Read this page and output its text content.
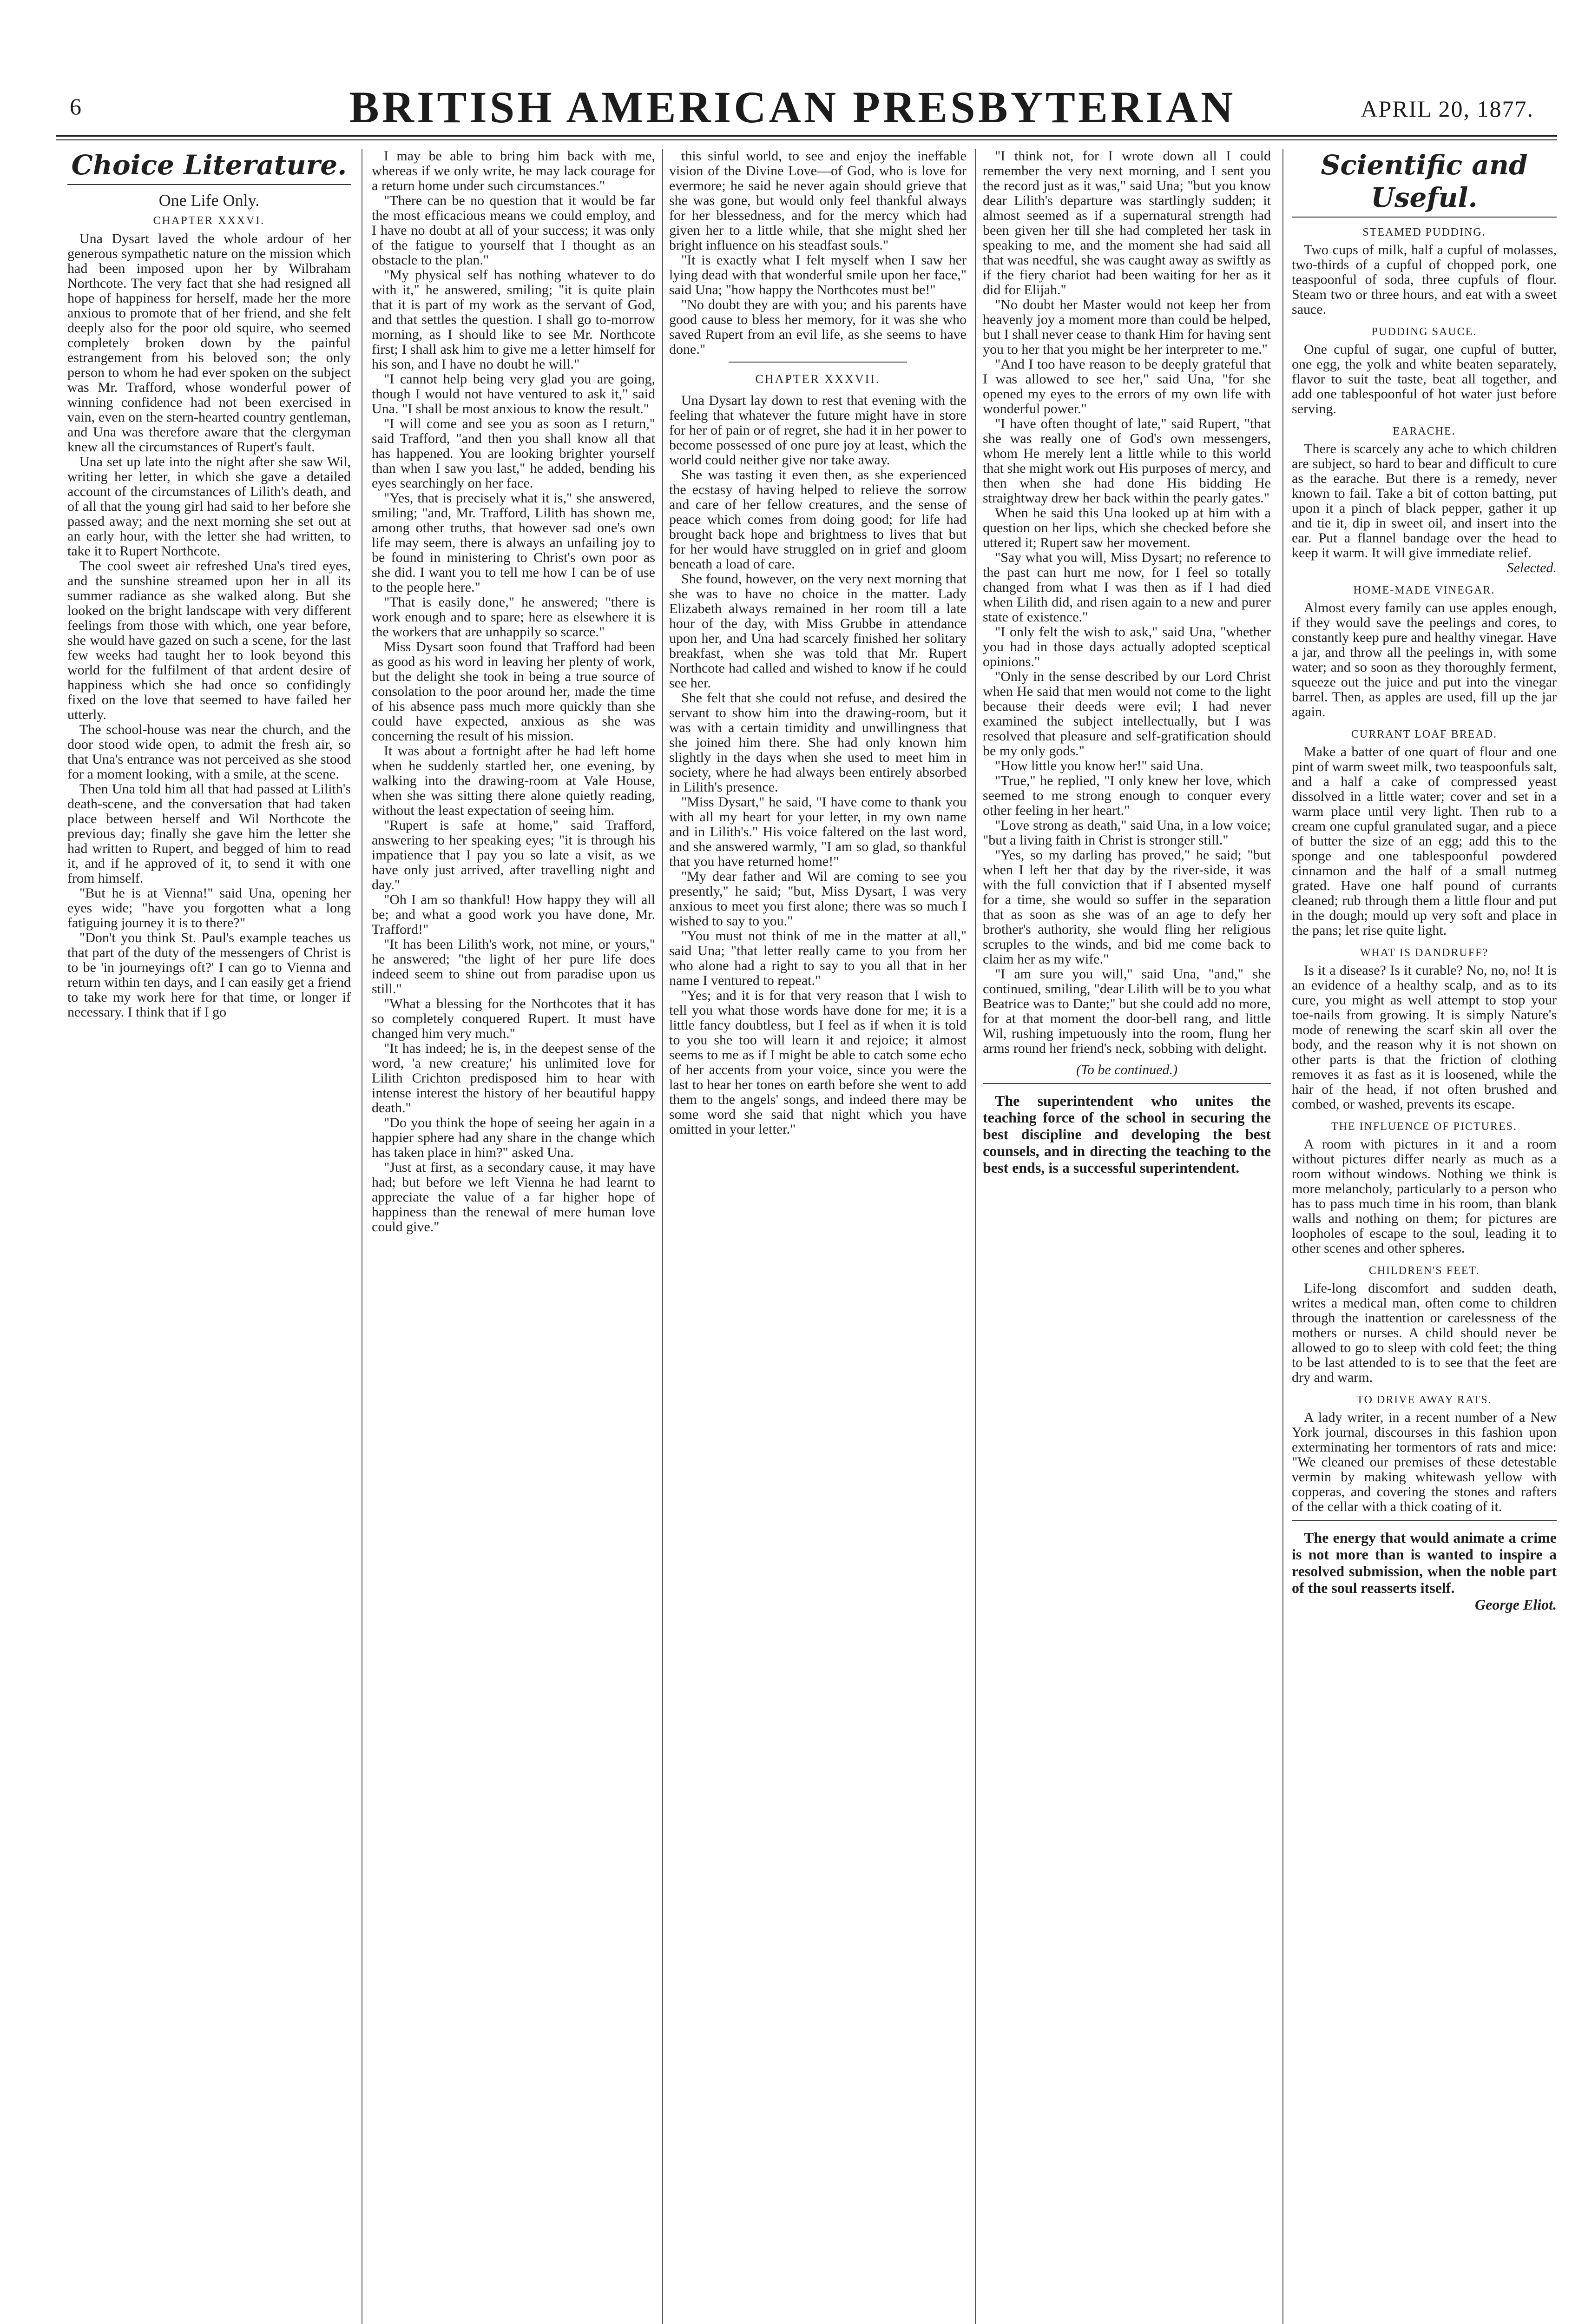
6	BRITISH AMERICAN PRESBYTERIAN	APRIL 20, 1877.
Choice Literature.
One Life Only.
CHAPTER XXXVI.

Una Dysart laved the whole ardour of her generous sympathetic nature on the mission which had been imposed upon her by Wilbraham Northcote. The very fact that she had resigned all hope of happiness for herself, made her the more anxious to promote that of her friend, and she felt deeply also for the poor old squire, who seemed completely broken down by the painful estrangement from his beloved son; the only person to whom he had ever spoken on the subject was Mr. Trafford, whose wonderful power of winning confidence had not been exercised in vain, even on the stern-hearted country gentleman, and Una was therefore aware that the clergyman knew all the circumstances of Rupert's fault.

Una set up late into the night after she saw Wil, writing her letter, in which she gave a detailed account of the circumstances of Lilith's death, and of all that the young girl had said to her before she passed away; and the next morning she set out at an early hour, with the letter she had written, to take it to Rupert Northcote.

The cool sweet air refreshed Una's tired eyes, and the sunshine streamed upon her in all its summer radiance as she walked along. But she looked on the bright landscape with very different feelings from those with which, one year before, she would have gazed on such a scene, for the last few weeks had taught her to look beyond this world for the fulfilment of that ardent desire of happiness which she had once so confidingly fixed on the love that seemed to have failed her utterly.

The school-house was near the church, and the door stood wide open, to admit the fresh air, so that Una's entrance was not perceived as she stood for a moment looking, with a smile, at the scene.

Then Una told him all that had passed at Lilith's death-scene, and the conversation that had taken place between herself and Wil Northcote the previous day; finally she gave him the letter she had written to Rupert, and begged of him to read it, and if he approved of it, to send it with one from himself.

"But he is at Vienna!" said Una, opening her eyes wide; "have you forgotten what a long fatiguing journey it is to there?"

"Don't you think St. Paul's example teaches us that part of the duty of the messengers of Christ is to be 'in journeyings oft?' I can go to Vienna and return within ten days, and I can easily get a friend to take my work here for that time, or longer if necessary. I think that if I go

I may be able to bring him back with me, whereas if we only write, he may lack courage for a return home under such circumstances."

"There can be no question that it would be far the most efficacious means we could employ, and I have no doubt at all of your success; it was only of the fatigue to yourself that I thought as an obstacle to the plan."

"My physical self has nothing whatever to do with it," he answered, smiling; "it is quite plain that it is part of my work as the servant of God, and that settles the question. I shall go to-morrow morning, as I should like to see Mr. Northcote first; I shall ask him to give me a letter himself for his son, and I have no doubt he will."

"I cannot help being very glad you are going, though I would not have ventured to ask it," said Una. "I shall be most anxious to know the result."

"I will come and see you as soon as I return," said Trafford, "and then you shall know all that has happened. You are looking brighter yourself than when I saw you last," he added, bending his eyes searchingly on her face.

"Yes, that is precisely what it is," she answered, smiling; "and, Mr. Trafford, Lilith has shown me, among other truths, that however sad one's own life may seem, there is always an unfailing joy to be found in ministering to Christ's own poor as she did. I want you to tell me how I can be of use to the people here."

"That is easily done," he answered; "there is work enough and to spare; here as elsewhere it is the workers that are unhappily so scarce."

Miss Dysart soon found that Trafford had been as good as his word in leaving her plenty of work, but the delight she took in being a true source of consolation to the poor around her, made the time of his absence pass much more quickly than she could have expected, anxious as she was concerning the result of his mission.

It was about a fortnight after he had left home when he suddenly startled her, one evening, by walking into the drawing-room at Vale House, when she was sitting there alone quietly reading, without the least expectation of seeing him.

"Rupert is safe at home," said Trafford, answering to her speaking eyes; "it is through his impatience that I pay you so late a visit, as we have only just arrived, after travelling night and day."

"Oh I am so thankful! How happy they will all be; and what a good work you have done, Mr. Trafford!"

"It has been Lilith's work, not mine, or yours," he answered; "the light of her pure life does indeed seem to shine out from paradise upon us still."

"What a blessing for the Northcotes that it has so completely conquered Rupert. It must have changed him very much."

"It has indeed; he is, in the deepest sense of the word, 'a new creature;' his unlimited love for Lilith Crichton predisposed him to hear with intense interest the history of her beautiful happy death."

"Do you think the hope of seeing her again in a happier sphere had any share in the change which has taken place in him?" asked Una.

"Just at first, as a secondary cause, it may have had; but before we left Vienna he had learnt to appreciate the value of a far higher hope of happiness than the renewal of mere human love could give."

this sinful world, to see and enjoy the ineffable vision of the Divine Love—of God, who is love for evermore; he said he never again should grieve that she was gone, but would only feel thankful always for her blessedness, and for the mercy which had given her to a little while, that she might shed her bright influence on his steadfast souls."

"It is exactly what I felt myself when I saw her lying dead with that wonderful smile upon her face," said Una; "how happy the Northcotes must be!"

"No doubt they are with you; and his parents have good cause to bless her memory, for it was she who saved Rupert from an evil life, as she seems to have done."

CHAPTER XXXVII.

Una Dysart lay down to rest that evening with the feeling that whatever the future might have in store for her of pain or of regret, she had it in her power to become possessed of one pure joy at least, which the world could neither give nor take away.

She was tasting it even then, as she experienced the ecstasy of having helped to relieve the sorrow and care of her fellow creatures, and the sense of peace which comes from doing good; for life had brought back hope and brightness to lives that but for her would have struggled on in grief and gloom beneath a load of care.

She found, however, on the very next morning that she was to have no choice in the matter. Lady Elizabeth always remained in her room till a late hour of the day, with Miss Grubbe in attendance upon her, and Una had scarcely finished her solitary breakfast, when she was told that Mr. Rupert Northcote had called and wished to know if he could see her.

She felt that she could not refuse, and desired the servant to show him into the drawing-room, but it was with a certain timidity and unwillingness that she joined him there. She had only known him slightly in the days when she used to meet him in society, where he had always been entirely absorbed in Lilith's presence.

"Miss Dysart," he said, "I have come to thank you with all my heart for your letter, in my own name and in Lilith's." His voice faltered on the last word, and she answered warmly, "I am so glad, so thankful that you have returned home!"

"My dear father and Wil are coming to see you presently," he said; "but, Miss Dysart, I was very anxious to meet you first alone; there was so much I wished to say to you."

"You must not think of me in the matter at all," said Una; "that letter really came to you from her who alone had a right to say to you all that in her name I ventured to repeat."

"Yes; and it is for that very reason that I wish to tell you what those words have done for me; it is a little fancy doubtless, but I feel as if when it is told to you she too will learn it and rejoice; it almost seems to me as if I might be able to catch some echo of her accents from your voice, since you were the last to hear her tones on earth before she went to add them to the angels' songs, and indeed there may be some word she said that night which you have omitted in your letter."

"I think not, for I wrote down all I could remember the very next morning, and I sent you the record just as it was," said Una; "but you know dear Lilith's departure was startlingly sudden; it almost seemed as if a supernatural strength had been given her till she had completed her task in speaking to me, and the moment she had said all that was needful, she was caught away as swiftly as if the fiery chariot had been waiting for her as it did for Elijah."

"No doubt her Master would not keep her from heavenly joy a moment more than could be helped, but I shall never cease to thank Him for having sent you to her that you might be her interpreter to me."

"And I too have reason to be deeply grateful that I was allowed to see her," said Una, "for she opened my eyes to the errors of my own life with wonderful power."

"I have often thought of late," said Rupert, "that she was really one of God's own messengers, whom He merely lent a little while to this world that she might work out His purposes of mercy, and then when she had done His bidding He straightway drew her back within the pearly gates."

When he said this Una looked up at him with a question on her lips, which she checked before she uttered it; Rupert saw her movement.

"Say what you will, Miss Dysart; no reference to the past can hurt me now, for I feel so totally changed from what I was then as if I had died when Lilith did, and risen again to a new and purer state of existence."

"I only felt the wish to ask," said Una, "whether you had in those days actually adopted sceptical opinions."

"Only in the sense described by our Lord Christ when He said that men would not come to the light because their deeds were evil; I had never examined the subject intellectually, but I was resolved that pleasure and self-gratification should be my only gods."

"How little you know her!" said Una.

"True," he replied, "I only knew her love, which seemed to me strong enough to conquer every other feeling in her heart."

"Love strong as death," said Una, in a low voice; "but a living faith in Christ is stronger still."

"Yes, so my darling has proved," he said; "but when I left her that day by the river-side, it was with the full conviction that if I absented myself for a time, she would so suffer in the separation that as soon as she was of an age to defy her brother's authority, she would fling her religious scruples to the winds, and bid me come back to claim her as my wife."

"I am sure you will," said Una, "and," she continued, smiling, "dear Lilith will be to you what Beatrice was to Dante;" but she could add no more, for at that moment the door-bell rang, and little Wil, rushing impetuously into the room, flung her arms round her friend's neck, sobbing with delight.

(To be continued.)

The superintendent who unites the teaching force of the school in securing the best discipline and developing the best counsels, and in directing the teaching to the best ends, is a successful superintendent.

Scientific and Useful.
STEAMED PUDDING.

Two cups of milk, half a cupful of molasses, two-thirds of a cupful of chopped pork, one teaspoonful of soda, three cupfuls of flour. Steam two or three hours, and eat with a sweet sauce.

PUDDING SAUCE.

One cupful of sugar, one cupful of butter, one egg, the yolk and white beaten separately, flavor to suit the taste, beat all together, and add one tablespoonful of hot water just before serving.

EARACHE.

There is scarcely any ache to which children are subject, so hard to bear and difficult to cure as the earache. But there is a remedy, never known to fail. Take a bit of cotton batting, put upon it a pinch of black pepper, gather it up and tie it, dip in sweet oil, and insert into the ear. Put a flannel bandage over the head to keep it warm. It will give immediate relief.

Selected.
HOME-MADE VINEGAR.

Almost every family can use apples enough, if they would save the peelings and cores, to constantly keep pure and healthy vinegar. Have a jar, and throw all the peelings in, with some water; and so soon as they thoroughly ferment, squeeze out the juice and put into the vinegar barrel. Then, as apples are used, fill up the jar again.

CURRANT LOAF BREAD.

Make a batter of one quart of flour and one pint of warm sweet milk, two teaspoonfuls salt, and a half a cake of compressed yeast dissolved in a little water; cover and set in a warm place until very light. Then rub to a cream one cupful granulated sugar, and a piece of butter the size of an egg; add this to the sponge and one tablespoonful powdered cinnamon and the half of a small nutmeg grated. Have one half pound of currants cleaned; rub through them a little flour and put in the dough; mould up very soft and place in the pans; let rise quite light.

WHAT IS DANDRUFF?

Is it a disease? Is it curable? No, no, no! It is an evidence of a healthy scalp, and as to its cure, you might as well attempt to stop your toe-nails from growing. It is simply Nature's mode of renewing the scarf skin all over the body, and the reason why it is not shown on other parts is that the friction of clothing removes it as fast as it is loosened, while the hair of the head, if not often brushed and combed, or washed, prevents its escape.

THE INFLUENCE OF PICTURES.

A room with pictures in it and a room without pictures differ nearly as much as a room without windows. Nothing we think is more melancholy, particularly to a person who has to pass much time in his room, than blank walls and nothing on them; for pictures are loopholes of escape to the soul, leading it to other scenes and other spheres.

CHILDREN'S FEET.

Life-long discomfort and sudden death, writes a medical man, often come to children through the inattention or carelessness of the mothers or nurses. A child should never be allowed to go to sleep with cold feet; the thing to be last attended to is to see that the feet are dry and warm.

TO DRIVE AWAY RATS.

A lady writer, in a recent number of a New York journal, discourses in this fashion upon exterminating her tormentors of rats and mice: "We cleaned our premises of these detestable vermin by making whitewash yellow with copperas, and covering the stones and rafters of the cellar with a thick coating of it.

The energy that would animate a crime is not more than is wanted to inspire a resolved submission, when the noble part of the soul reasserts itself.

George Eliot.
